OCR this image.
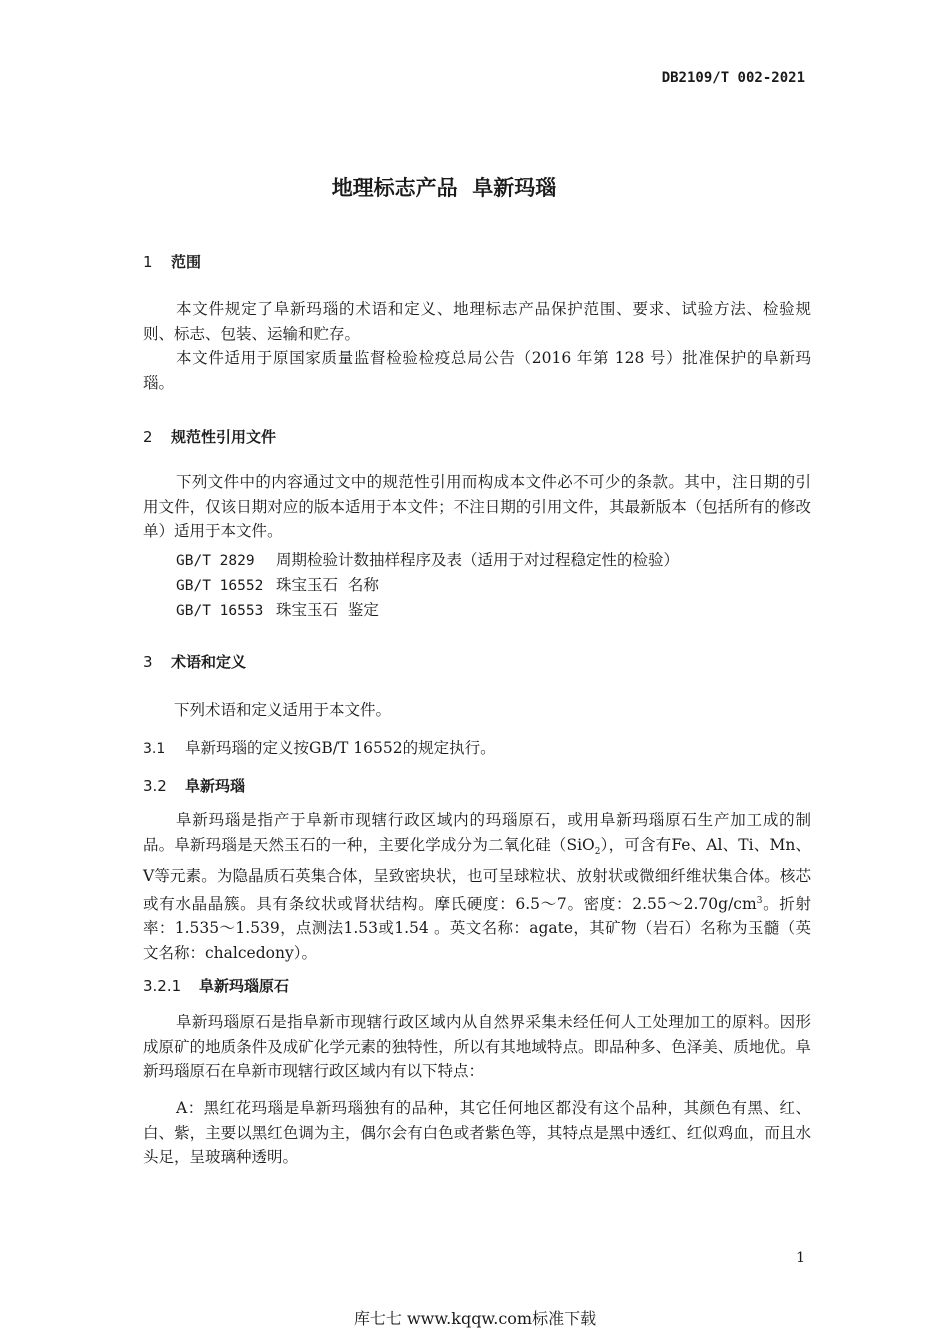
DB2109/T 002-2021
地理标志产品  阜新玛瑙
1 范围
本文件规定了阜新玛瑙的术语和定义、地理标志产品保护范围、要求、试验方法、检验规则、标志、包装、运输和贮存。
本文件适用于原国家质量监督检验检疫总局公告（2016 年第 128 号）批准保护的阜新玛瑙。
2 规范性引用文件
下列文件中的内容通过文中的规范性引用而构成本文件必不可少的条款。其中，注日期的引用文件，仅该日期对应的版本适用于本文件；不注日期的引用文件，其最新版本（包括所有的修改单）适用于本文件。
GB/T 2829 周期检验计数抽样程序及表（适用于对过程稳定性的检验）
GB/T 16552 珠宝玉石  名称
GB/T 16553 珠宝玉石  鉴定
3 术语和定义
下列术语和定义适用于本文件。
3.1 阜新玛瑙的定义按GB/T 16552的规定执行。
3.2 阜新玛瑙
阜新玛瑙是指产于阜新市现辖行政区域内的玛瑙原石，或用阜新玛瑙原石生产加工成的制品。阜新玛瑙是天然玉石的一种，主要化学成分为二氧化硅（SiO$_2$），可含有Fe、Al、Ti、Mn、V等元素。为隐晶质石英集合体，呈致密块状，也可呈球粒状、放射状或微细纤维状集合体。核芯或有水晶晶簇。具有条纹状或肾状结构。摩氏硬度：6.5～7。密度：$2.55\sim 2.70g/cm^3$。折射率：1.535～1.539，点测法1.53或1.54 。英文名称：agate，其矿物（岩石）名称为玉髓（英文名称：chalcedony）。
3.2.1 阜新玛瑙原石
阜新玛瑙原石是指阜新市现辖行政区域内从自然界采集未经任何人工处理加工的原料。因形成原矿的地质条件及成矿化学元素的独特性，所以有其地域特点。即品种多、色泽美、质地优。阜新玛瑙原石在阜新市现辖行政区域内有以下特点：
A：黑红花玛瑙是阜新玛瑙独有的品种，其它任何地区都没有这个品种，其颜色有黑、红、白、紫，主要以黑红色调为主，偶尔会有白色或者紫色等，其特点是黑中透红、红似鸡血，而且水头足，呈玻璃种透明。
1
库七七 www.kqqw.com标准下载
